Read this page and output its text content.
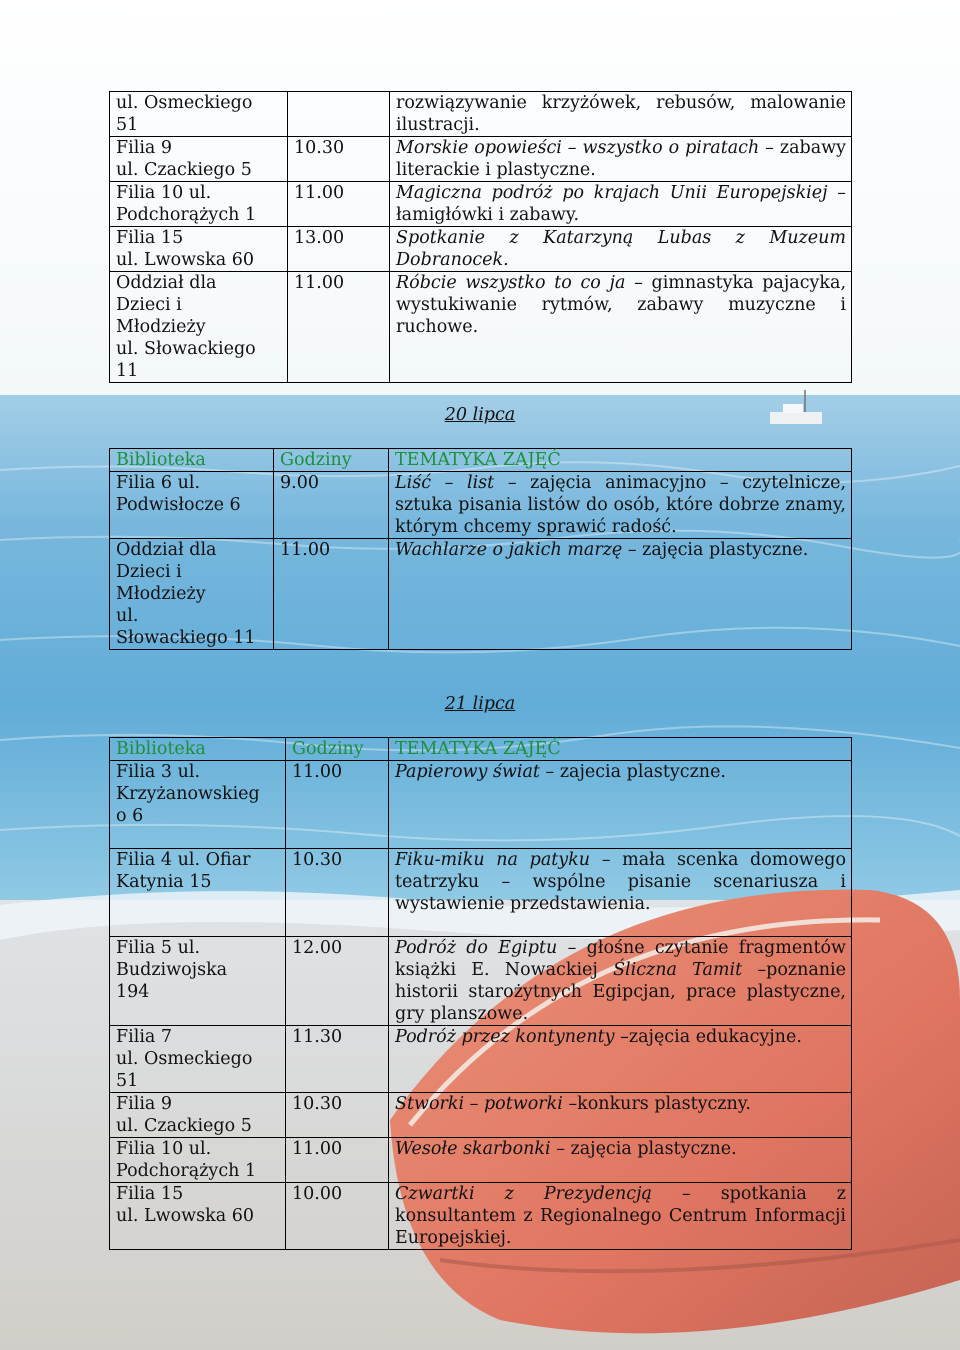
ul. Osmeckiego
51		rozwiązywanie krzyżówek, rebusów, malowanie ilustracji.

Filia 9
ul. Czackiego 5	10.30	Morskie opowieści – wszystko o piratach – zabawy literackie i plastyczne.

Filia 10 ul.
Podchorążych 1	11.00	Magiczna podróż po krajach Unii Europejskiej –łamigłówki i zabawy.

Filia 15
ul. Lwowska 60	13.00	Spotkanie z Katarzyną Lubas z Muzeum Dobranocek.

Oddział dla
Dzieci i
Młodzieży
ul. Słowackiego
11	11.00	Róbcie wszystko to co ja – gimnastyka pajacyka, wystukiwanie rytmów, zabawy muzyczne i ruchowe.
20 lipca
Biblioteka	Godziny	TEMATYKA ZAJĘĆ

Filia 6 ul.
Podwisłocze 6	9.00	Liść – list – zajęcia animacyjno – czytelnicze, sztuka pisania listów do osób, które dobrze znamy, którym chcemy sprawić radość.

Oddział dla
Dzieci i
Młodzieży
ul.
Słowackiego 11	11.00	Wachlarze o jakich marzę – zajęcia plastyczne.
21 lipca
Biblioteka	Godziny	TEMATYKA ZAJĘĆ

Filia 3 ul.
Krzyżanowskieg
o 6	11.00	Papierowy świat – zajecia plastyczne.

Filia 4 ul. Ofiar
Katynia 15	10.30	Fiku-miku na patyku – mała scenka domowego teatrzyku – wspólne pisanie scenariusza i wystawienie przedstawienia.

Filia 5 ul.
Budziwojska
194	12.00	Podróż do Egiptu – głośne czytanie fragmentów książki E. Nowackiej Śliczna Tamit –poznanie historii starożytnych Egipcjan, prace plastyczne, gry planszowe.

Filia 7
ul. Osmeckiego
51	11.30	Podróż przez kontynenty –zajęcia edukacyjne.

Filia 9
ul. Czackiego 5	10.30	Stworki – potworki –konkurs plastyczny.

Filia 10 ul.
Podchorążych 1	11.00	Wesołe skarbonki – zajęcia plastyczne.

Filia 15
ul. Lwowska 60	10.00	Czwartki z Prezydencją – spotkania z konsultantem z Regionalnego Centrum Informacji Europejskiej.
